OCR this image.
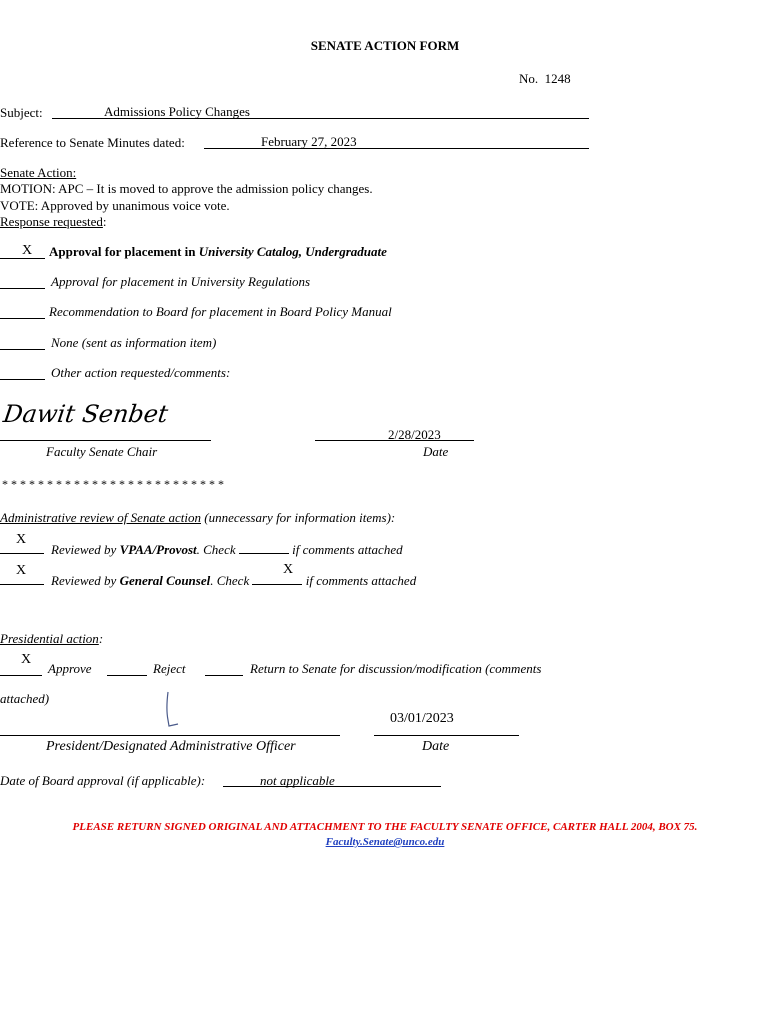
SENATE ACTION FORM
No. 1248
Subject:	Admissions Policy Changes
Reference to Senate Minutes dated:	February 27, 2023
Senate Action:
MOTION: APC – It is moved to approve the admission policy changes.
VOTE: Approved by unanimous voice vote.
Response requested:
X Approval for placement in University Catalog, Undergraduate
Approval for placement in University Regulations
Recommendation to Board for placement in Board Policy Manual
None (sent as information item)
Other action requested/comments:
Dawit Senbet
Faculty Senate Chair
2/28/2023
Date
* * * * * * * * * * * * * * * * * * * * * * * * *
Administrative review of Senate action (unnecessary for information items):
X
Reviewed by VPAA/Provost. Check	if comments attached
X
Reviewed by General Counsel. Check	if comments attached
X
Presidential action:
X
Approve	Reject	Return to Senate for discussion/modification (comments
attached)
President/Designated Administrative Officer
03/01/2023
Date
Date of Board approval (if applicable):	not applicable
PLEASE RETURN SIGNED ORIGINAL AND ATTACHMENT TO THE FACULTY SENATE OFFICE, CARTER HALL 2004, BOX 75.
Faculty.Senate@unco.edu
